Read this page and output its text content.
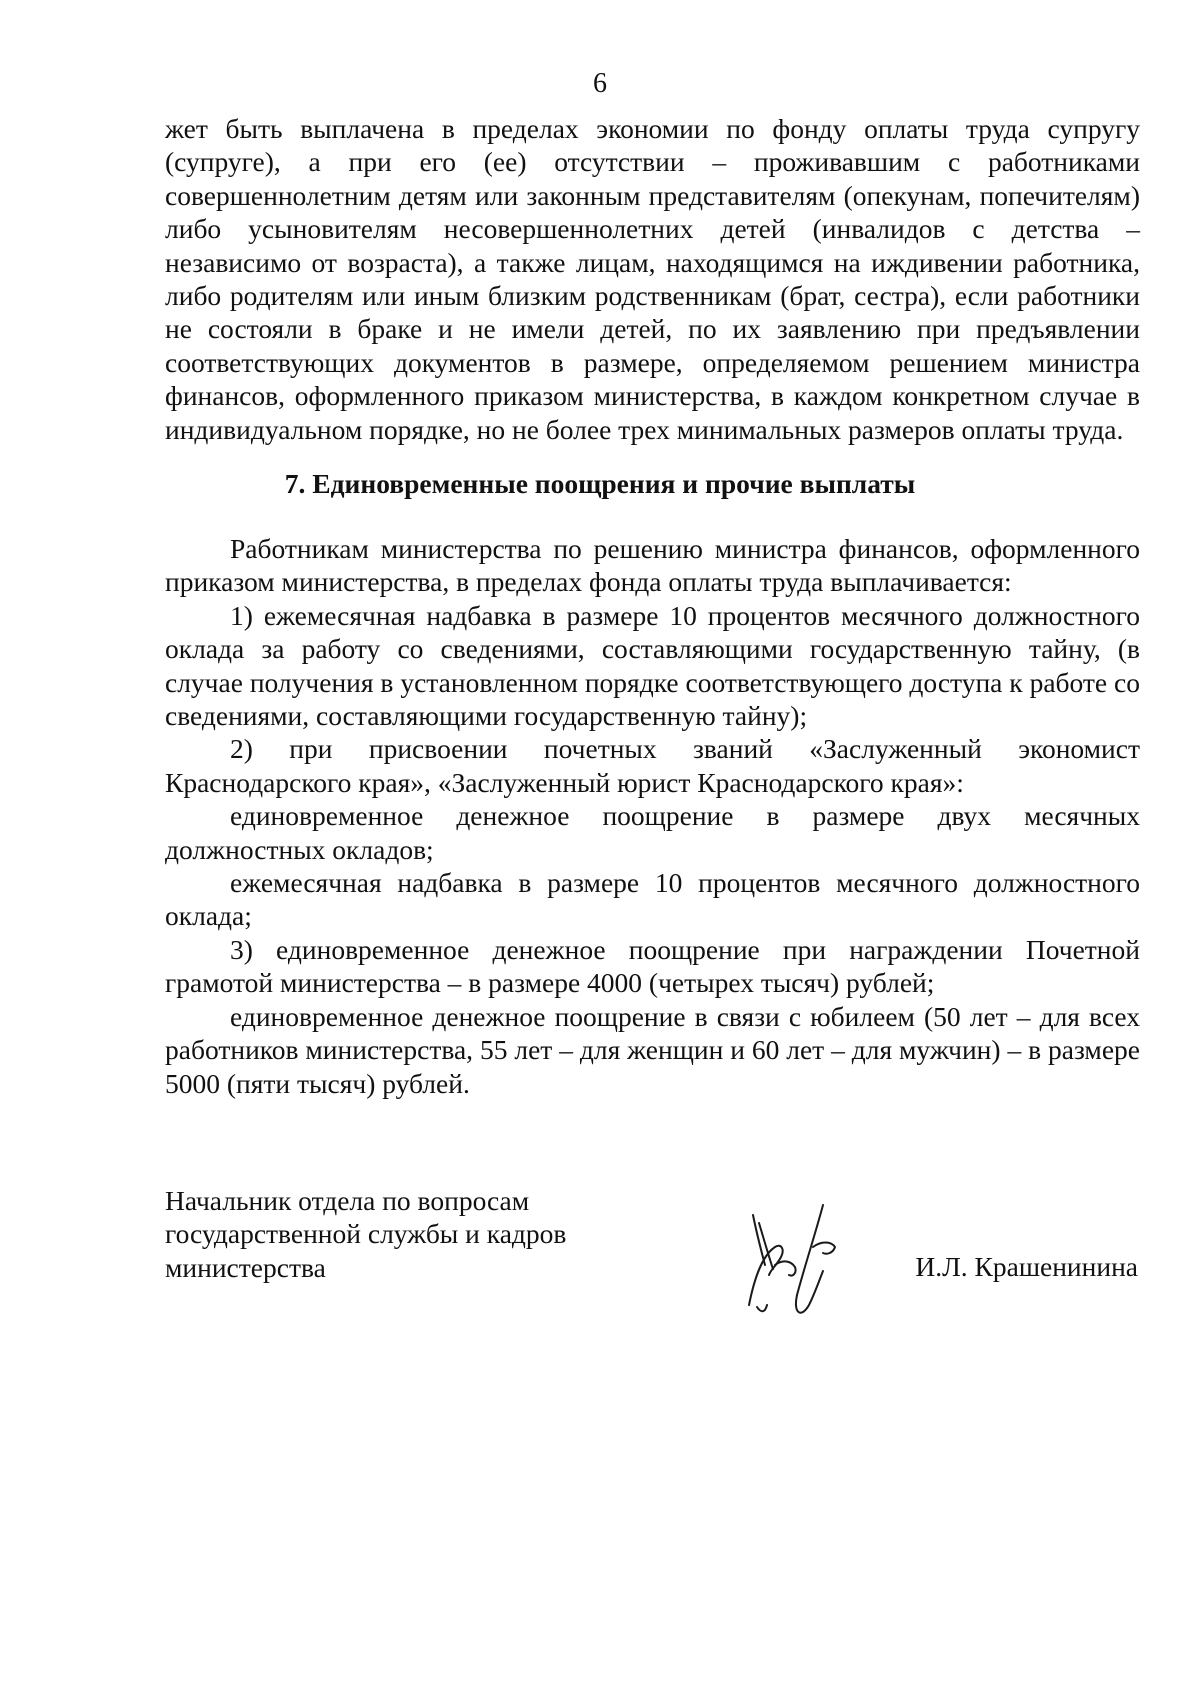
6

жет быть выплачена в пределах экономии по фонду оплаты труда супругу (супруге), а при его (ее) отсутствии – проживавшим с работниками совершеннолетним детям или законным представителям (опекунам, попечителям) либо усыновителям несовершеннолетних детей (инвалидов с детства – независимо от возраста), а также лицам, находящимся на иждивении работника, либо родителям или иным близким родственникам (брат, сестра), если работники не состояли в браке и не имели детей, по их заявлению при предъявлении соответствующих документов в размере, определяемом решением министра финансов, оформленного приказом министерства, в каждом конкретном случае в индивидуальном порядке, но не более трех минимальных размеров оплаты труда.

7. Единовременные поощрения и прочие выплаты

Работникам министерства по решению министра финансов, оформленного приказом министерства, в пределах фонда оплаты труда выплачивается:

1) ежемесячная надбавка в размере 10 процентов месячного должностного оклада за работу со сведениями, составляющими государственную тайну, (в случае получения в установленном порядке соответствующего доступа к работе со сведениями, составляющими государственную тайну);

2) при присвоении почетных званий «Заслуженный экономист Краснодарского края», «Заслуженный юрист Краснодарского края»:

единовременное денежное поощрение в размере двух месячных должностных окладов;

ежемесячная надбавка в размере 10 процентов месячного должностного оклада;

3) единовременное денежное поощрение при награждении Почетной грамотой министерства – в размере 4000 (четырех тысяч) рублей;

единовременное денежное поощрение в связи с юбилеем (50 лет – для всех работников министерства, 55 лет – для женщин и 60 лет – для мужчин) – в размере 5000 (пяти тысяч) рублей.

Начальник отдела по вопросам
государственной службы и кадров
министерства	И.Л. Крашенинина
